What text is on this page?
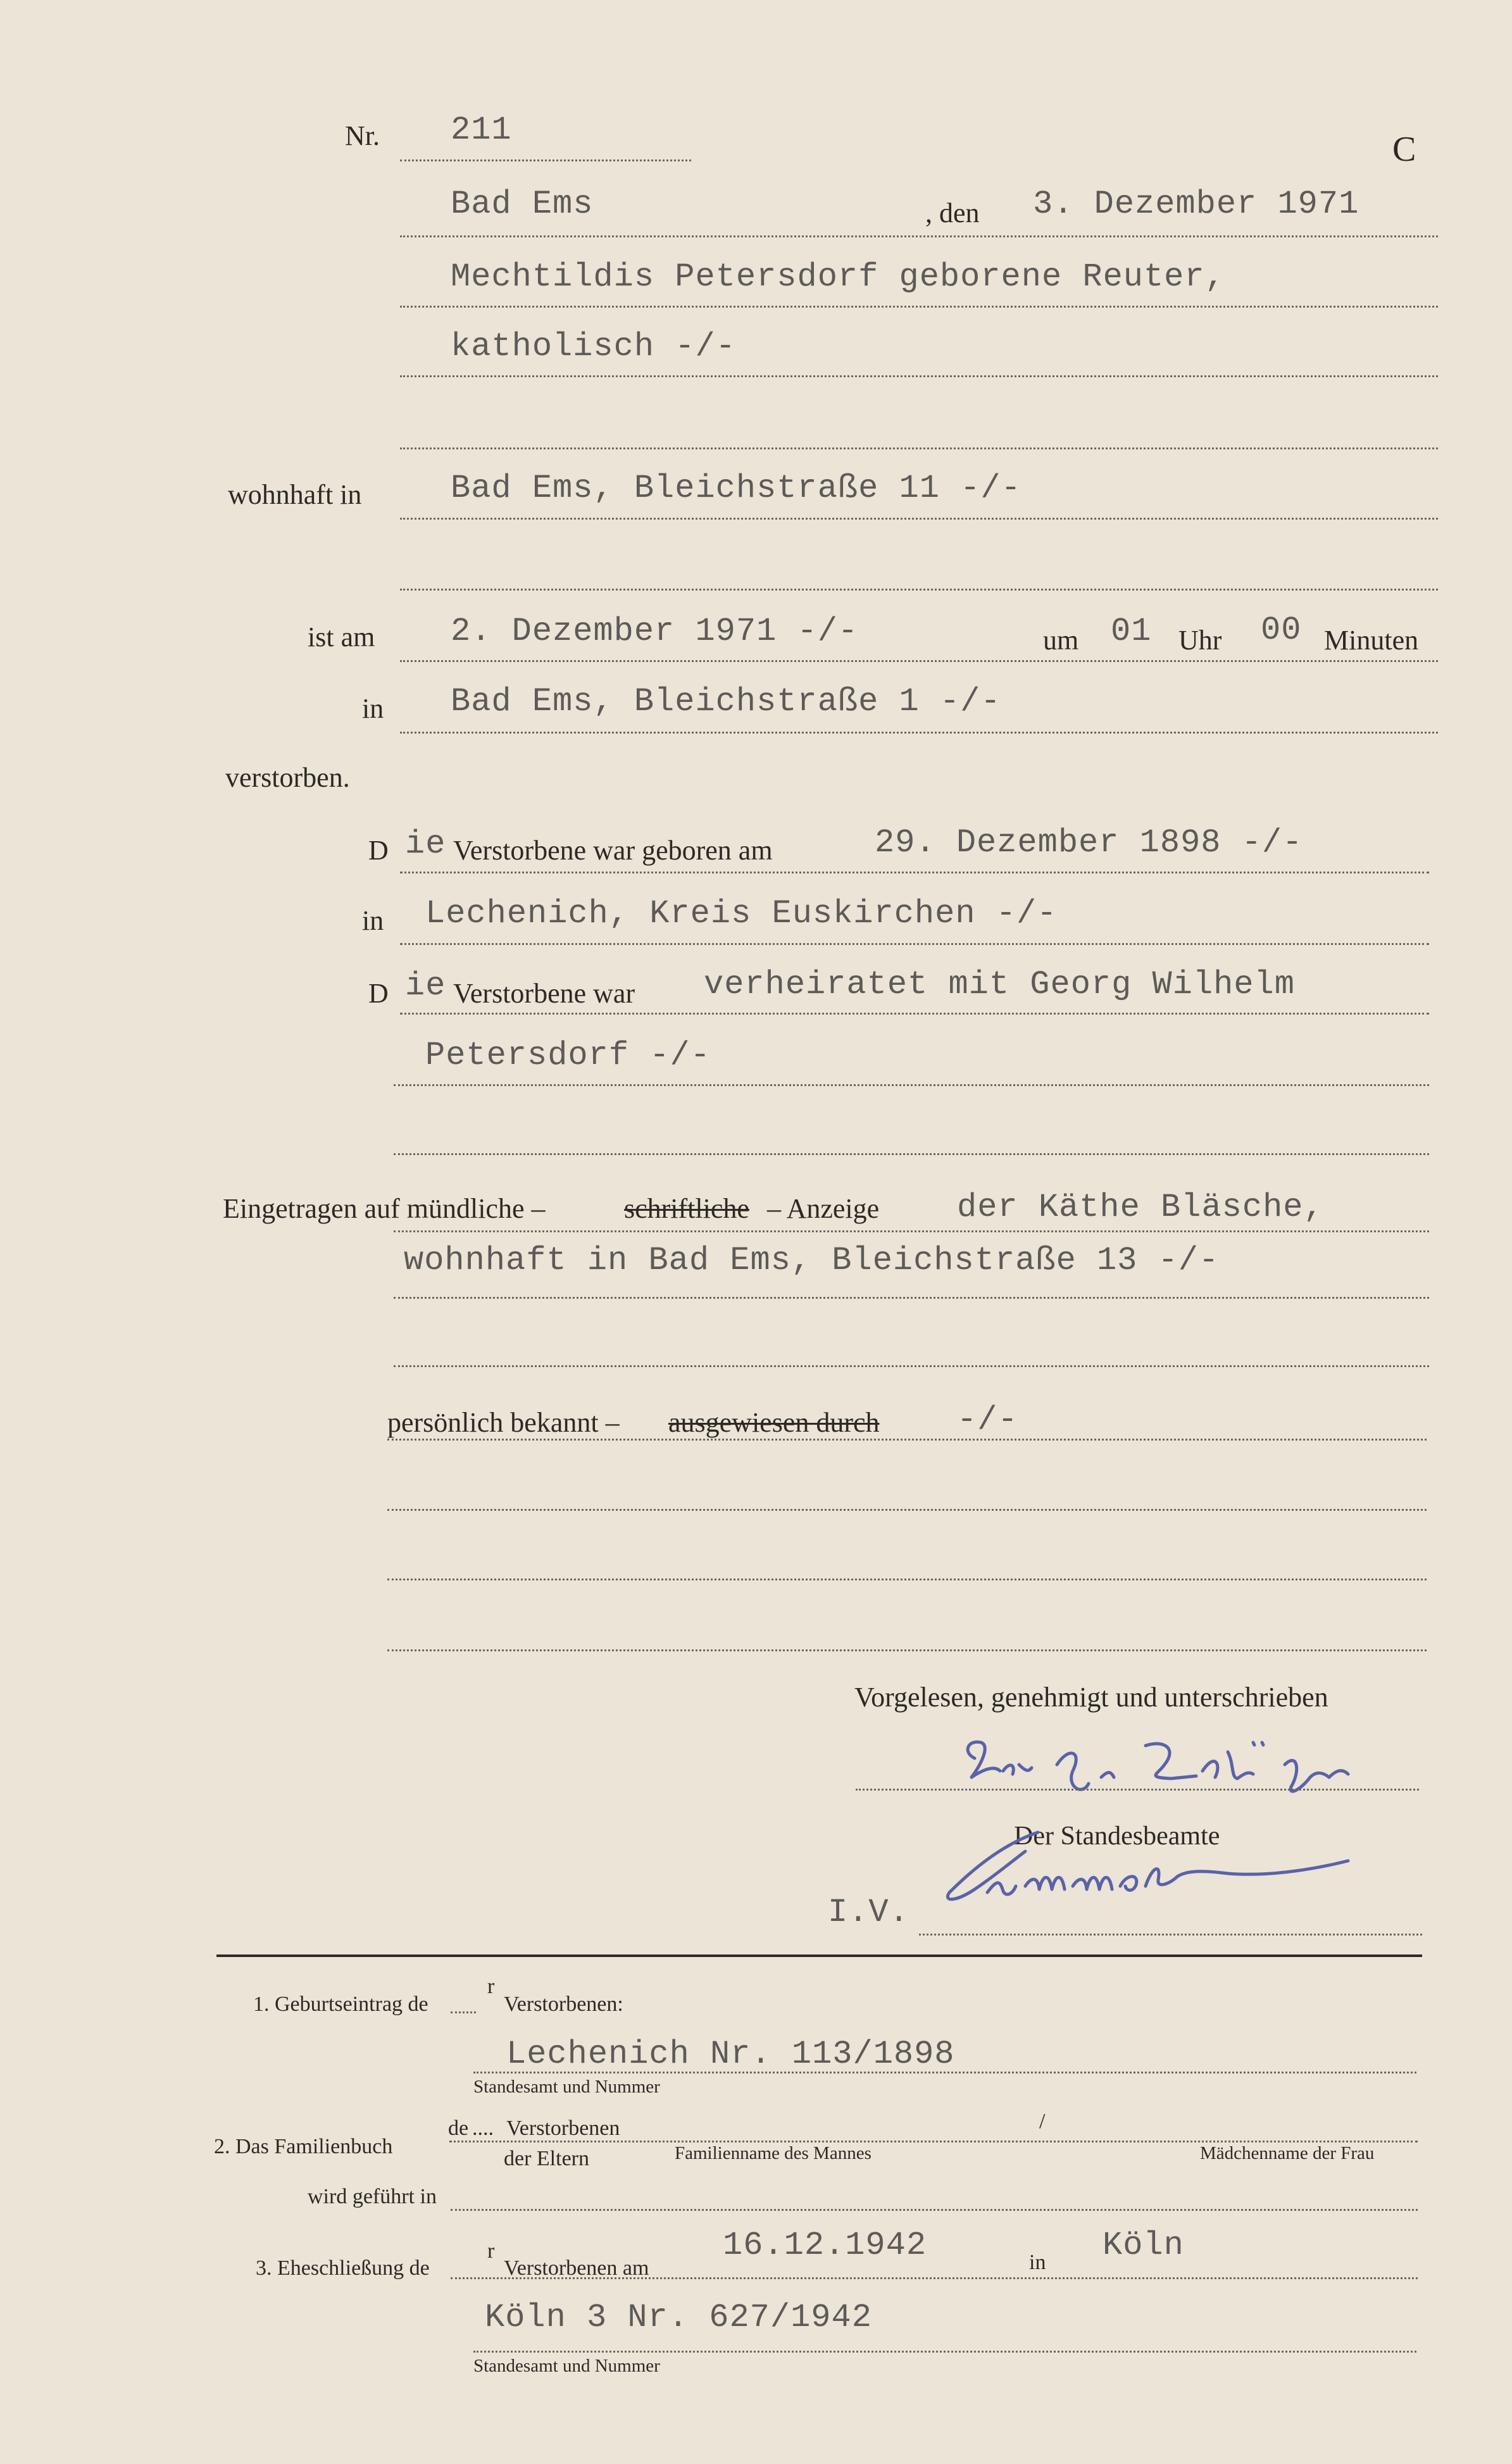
Nr. 211	C
Bad Ems	, den 3. Dezember 1971
Mechtildis Petersdorf geborene Reuter,
katholisch -/-
wohnhaft in	Bad Ems, Bleichstraße 11 -/-
ist am 2. Dezember 1971 -/-	um 01 Uhr 00 Minuten
in Bad Ems, Bleichstraße 1 -/-
verstorben.
D ie Verstorbene war geboren am	29. Dezember 1898 -/-
in Lechenich, Kreis Euskirchen -/-
D ie Verstorbene war verheiratet mit Georg Wilhelm
Petersdorf -/-
Eingetragen auf mündliche –	schriftliche – Anzeige der Käthe Bläsche,
wohnhaft in Bad Ems, Bleichstraße 13 -/-
persönlich bekannt – ausgewiesen durch -/-
Vorgelesen, genehmigt und unterschrieben
Der Standesbeamte
I.V.
1. Geburtseintrag de
r
Verstorbenen:
Lechenich Nr. 113/1898
Standesamt und Nummer
2. Das Familienbuch
de .... Verstorbenen	/
der Eltern	Familienname des Mannes	Mädchenname der Frau
wird geführt in
3. Eheschließung de
r
Verstorbenen am
16.12.1942	in Köln
Köln 3 Nr. 627/1942
Standesamt und Nummer
